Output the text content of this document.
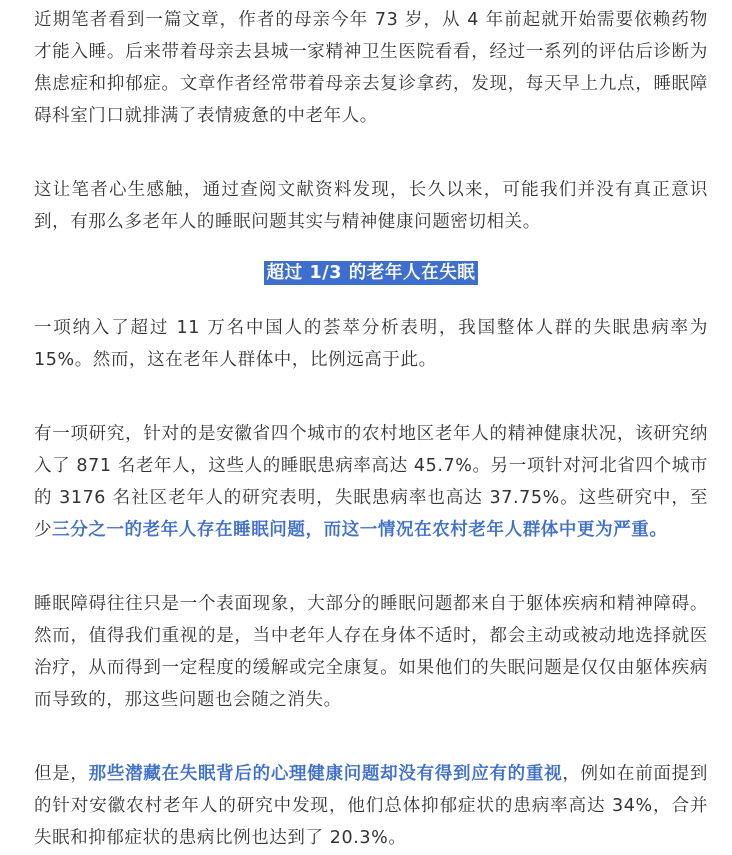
近期笔者看到一篇文章，作者的母亲今年 73 岁，从 4 年前起就开始需要依赖药物才能入睡。后来带着母亲去县城一家精神卫生医院看看，经过一系列的评估后诊断为焦虑症和抑郁症。文章作者经常带着母亲去复诊拿药，发现，每天早上九点，睡眠障碍科室门口就排满了表情疲惫的中老年人。

这让笔者心生感触，通过查阅文献资料发现，长久以来，可能我们并没有真正意识到，有那么多老年人的睡眠问题其实与精神健康问题密切相关。

超过 1/3 的老年人在失眠

一项纳入了超过 11 万名中国人的荟萃分析表明，我国整体人群的失眠患病率为 15%。然而，这在老年人群体中，比例远高于此。

有一项研究，针对的是安徽省四个城市的农村地区老年人的精神健康状况，该研究纳入了 871 名老年人，这些人的睡眠患病率高达 45.7%。另一项针对河北省四个城市的 3176 名社区老年人的研究表明，失眠患病率也高达 37.75%。这些研究中，至少三分之一的老年人存在睡眠问题，而这一情况在农村老年人群体中更为严重。

睡眠障碍往往只是一个表面现象，大部分的睡眠问题都来自于躯体疾病和精神障碍。然而，值得我们重视的是，当中老年人存在身体不适时，都会主动或被动地选择就医治疗，从而得到一定程度的缓解或完全康复。如果他们的失眠问题是仅仅由躯体疾病而导致的，那这些问题也会随之消失。

但是，那些潜藏在失眠背后的心理健康问题却没有得到应有的重视，例如在前面提到的针对安徽农村老年人的研究中发现，他们总体抑郁症状的患病率高达 34%，合并失眠和抑郁症状的患病比例也达到了 20.3%。
